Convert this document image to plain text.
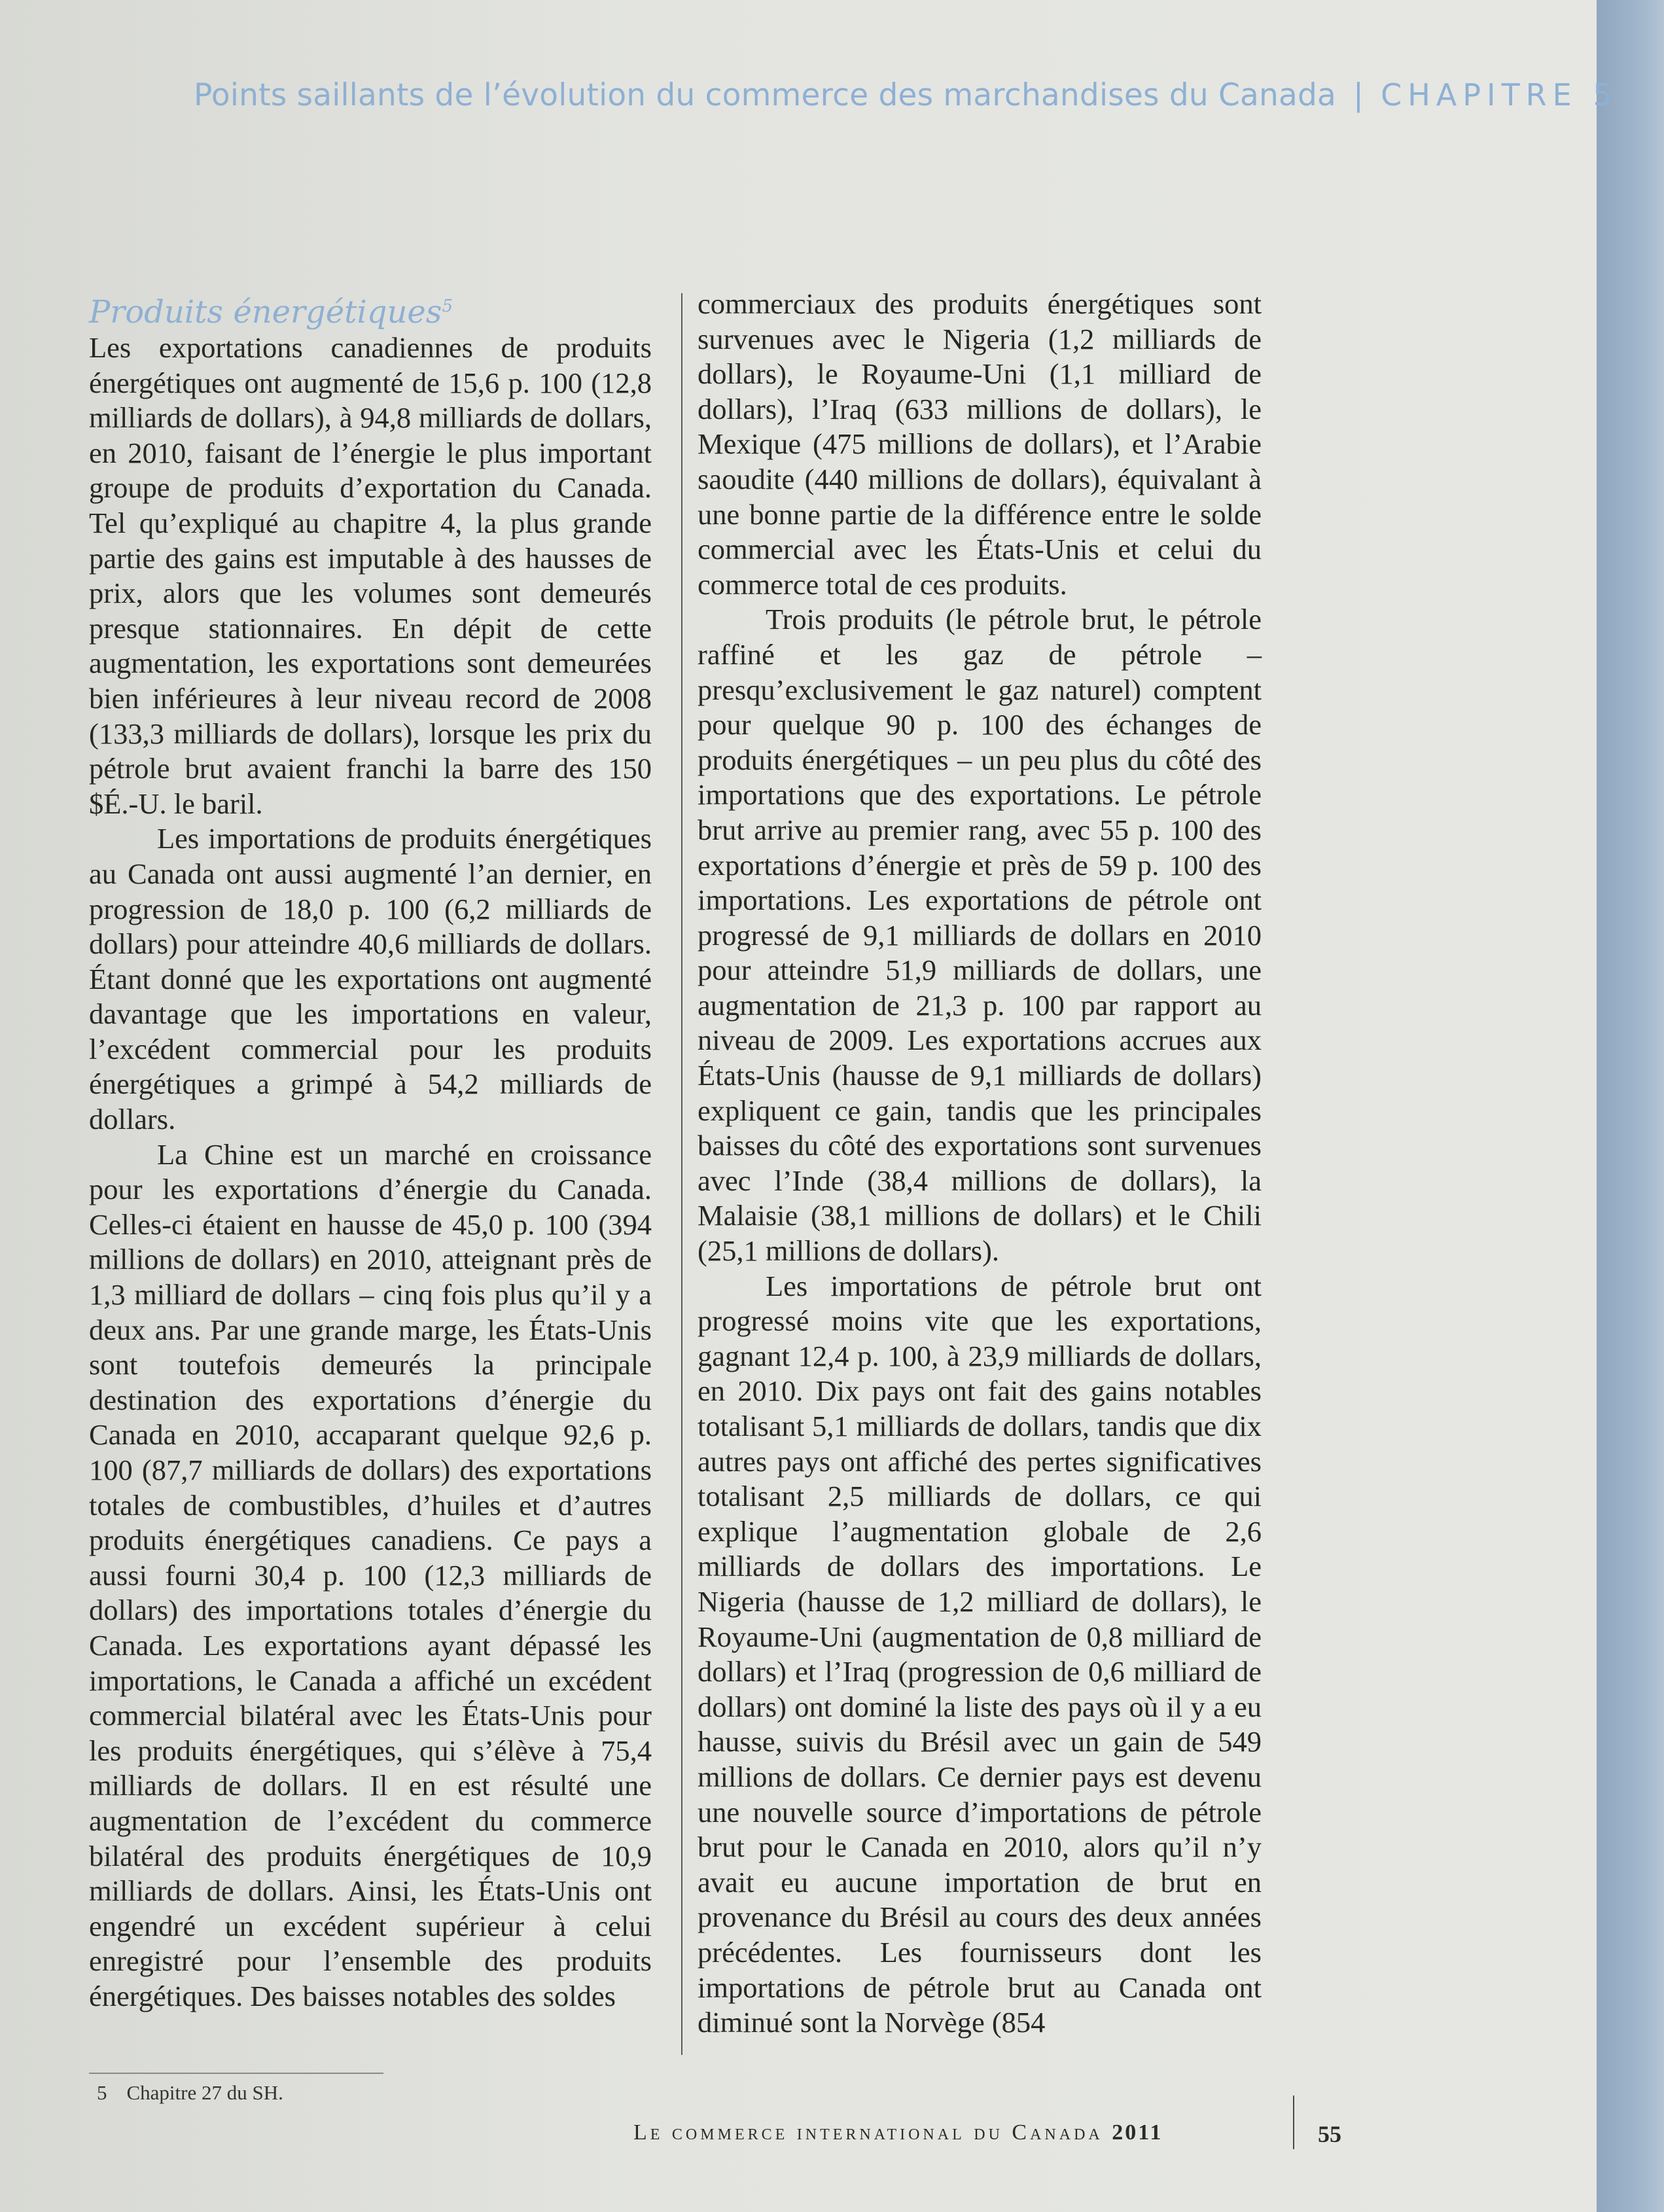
Points saillants de l’évolution du commerce des marchandises du Canada | CHAPITRE 5
Produits énergétiques$^5$

Les exportations canadiennes de produits énergétiques ont augmenté de 15,6 p. 100 (12,8 milliards de dollars), à 94,8 milliards de dollars, en 2010, faisant de l’énergie le plus important groupe de produits d’exportation du Canada. Tel qu’expliqué au chapitre 4, la plus grande partie des gains est imputable à des hausses de prix, alors que les volumes sont demeurés presque stationnaires. En dépit de cette augmentation, les exportations sont demeurées bien inférieures à leur niveau record de 2008 (133,3 milliards de dollars), lorsque les prix du pétrole brut avaient franchi la barre des 150 $É.-U. le baril.

Les importations de produits énergétiques au Canada ont aussi augmenté l’an dernier, en progression de 18,0 p. 100 (6,2 milliards de dollars) pour atteindre 40,6 milliards de dollars. Étant donné que les exportations ont augmenté davantage que les importations en valeur, l’excédent commercial pour les produits énergétiques a grimpé à 54,2 milliards de dollars.

La Chine est un marché en croissance pour les exportations d’énergie du Canada. Celles-ci étaient en hausse de 45,0 p. 100 (394 millions de dollars) en 2010, atteignant près de 1,3 milliard de dollars – cinq fois plus qu’il y a deux ans. Par une grande marge, les États-Unis sont toutefois demeurés la principale destination des exportations d’énergie du Canada en 2010, accaparant quelque 92,6 p. 100 (87,7 milliards de dollars) des exportations totales de combustibles, d’huiles et d’autres produits énergétiques canadiens. Ce pays a aussi fourni 30,4 p. 100 (12,3 milliards de dollars) des importations totales d’énergie du Canada. Les exportations ayant dépassé les importations, le Canada a affiché un excédent commercial bilatéral avec les États-Unis pour les produits énergétiques, qui s’élève à 75,4 milliards de dollars. Il en est résulté une augmentation de l’excédent du commerce bilatéral des produits énergétiques de 10,9 milliards de dollars. Ainsi, les États-Unis ont engendré un excédent supérieur à celui enregistré pour l’ensemble des produits énergétiques. Des baisses notables des soldes

commerciaux des produits énergétiques sont survenues avec le Nigeria (1,2 milliards de dollars), le Royaume-Uni (1,1 milliard de dollars), l’Iraq (633 millions de dollars), le Mexique (475 millions de dollars), et l’Arabie saoudite (440 millions de dollars), équivalant à une bonne partie de la différence entre le solde commercial avec les États-Unis et celui du commerce total de ces produits.

Trois produits (le pétrole brut, le pétrole raffiné et les gaz de pétrole – presqu’exclusivement le gaz naturel) comptent pour quelque 90 p. 100 des échanges de produits énergétiques – un peu plus du côté des importations que des exportations. Le pétrole brut arrive au premier rang, avec 55 p. 100 des exportations d’énergie et près de 59 p. 100 des importations. Les exportations de pétrole ont progressé de 9,1 milliards de dollars en 2010 pour atteindre 51,9 milliards de dollars, une augmentation de 21,3 p. 100 par rapport au niveau de 2009. Les exportations accrues aux États-Unis (hausse de 9,1 milliards de dollars) expliquent ce gain, tandis que les principales baisses du côté des exportations sont survenues avec l’Inde (38,4 millions de dollars), la Malaisie (38,1 millions de dollars) et le Chili (25,1 millions de dollars).

Les importations de pétrole brut ont progressé moins vite que les exportations, gagnant 12,4 p. 100, à 23,9 milliards de dollars, en 2010. Dix pays ont fait des gains notables totalisant 5,1 milliards de dollars, tandis que dix autres pays ont affiché des pertes significatives totalisant 2,5 milliards de dollars, ce qui explique l’augmentation globale de 2,6 milliards de dollars des importations. Le Nigeria (hausse de 1,2 milliard de dollars), le Royaume-Uni (augmentation de 0,8 milliard de dollars) et l’Iraq (progression de 0,6 milliard de dollars) ont dominé la liste des pays où il y a eu hausse, suivis du Brésil avec un gain de 549 millions de dollars. Ce dernier pays est devenu une nouvelle source d’importations de pétrole brut pour le Canada en 2010, alors qu’il n’y avait eu aucune importation de brut en provenance du Brésil au cours des deux années précédentes. Les fournisseurs dont les importations de pétrole brut au Canada ont diminué sont la Norvège (854

5 Chapitre 27 du SH.
Le commerce international du Canada 2011	55
